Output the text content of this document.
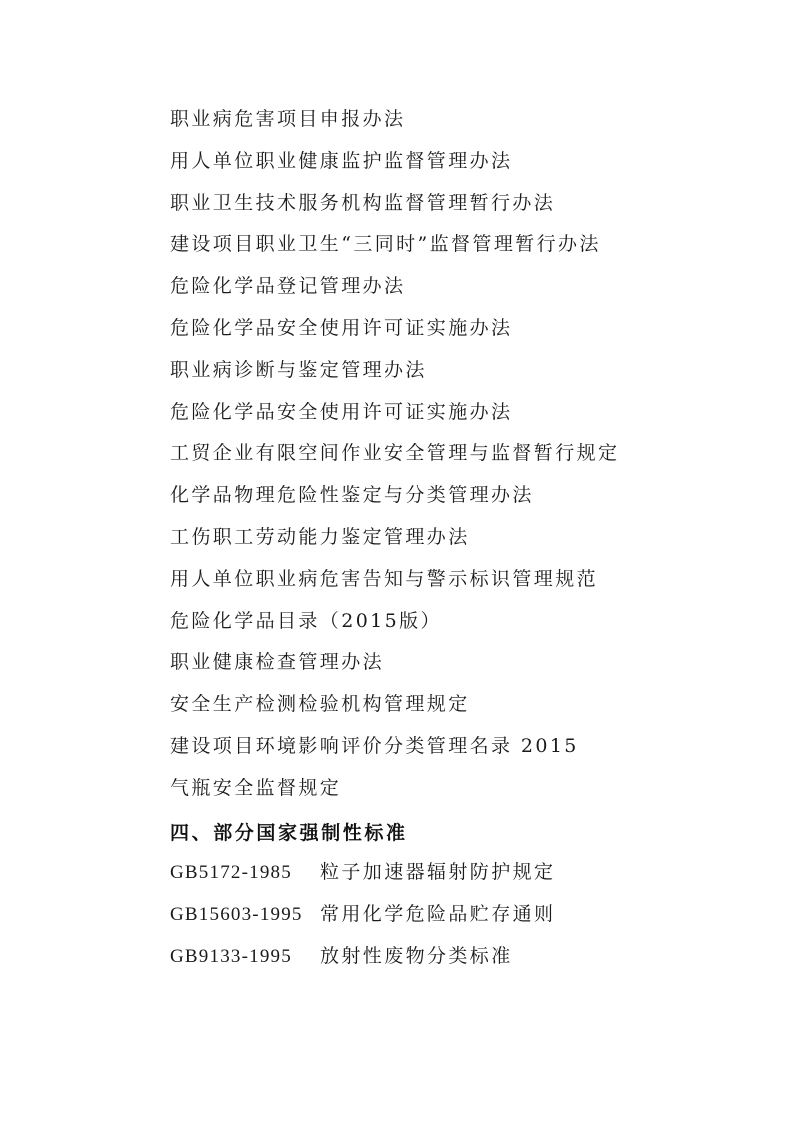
职业病危害项目申报办法
用人单位职业健康监护监督管理办法
职业卫生技术服务机构监督管理暂行办法
建设项目职业卫生“三同时”监督管理暂行办法
危险化学品登记管理办法
危险化学品安全使用许可证实施办法
职业病诊断与鉴定管理办法
危险化学品安全使用许可证实施办法
工贸企业有限空间作业安全管理与监督暂行规定
化学品物理危险性鉴定与分类管理办法
工伤职工劳动能力鉴定管理办法
用人单位职业病危害告知与警示标识管理规范
危险化学品目录（2015版）
职业健康检查管理办法
安全生产检测检验机构管理规定
建设项目环境影响评价分类管理名录 2015
气瓶安全监督规定
四、部分国家强制性标准
GB5172-1985 粒子加速器辐射防护规定
GB15603-1995 常用化学危险品贮存通则
GB9133-1995 放射性废物分类标准
